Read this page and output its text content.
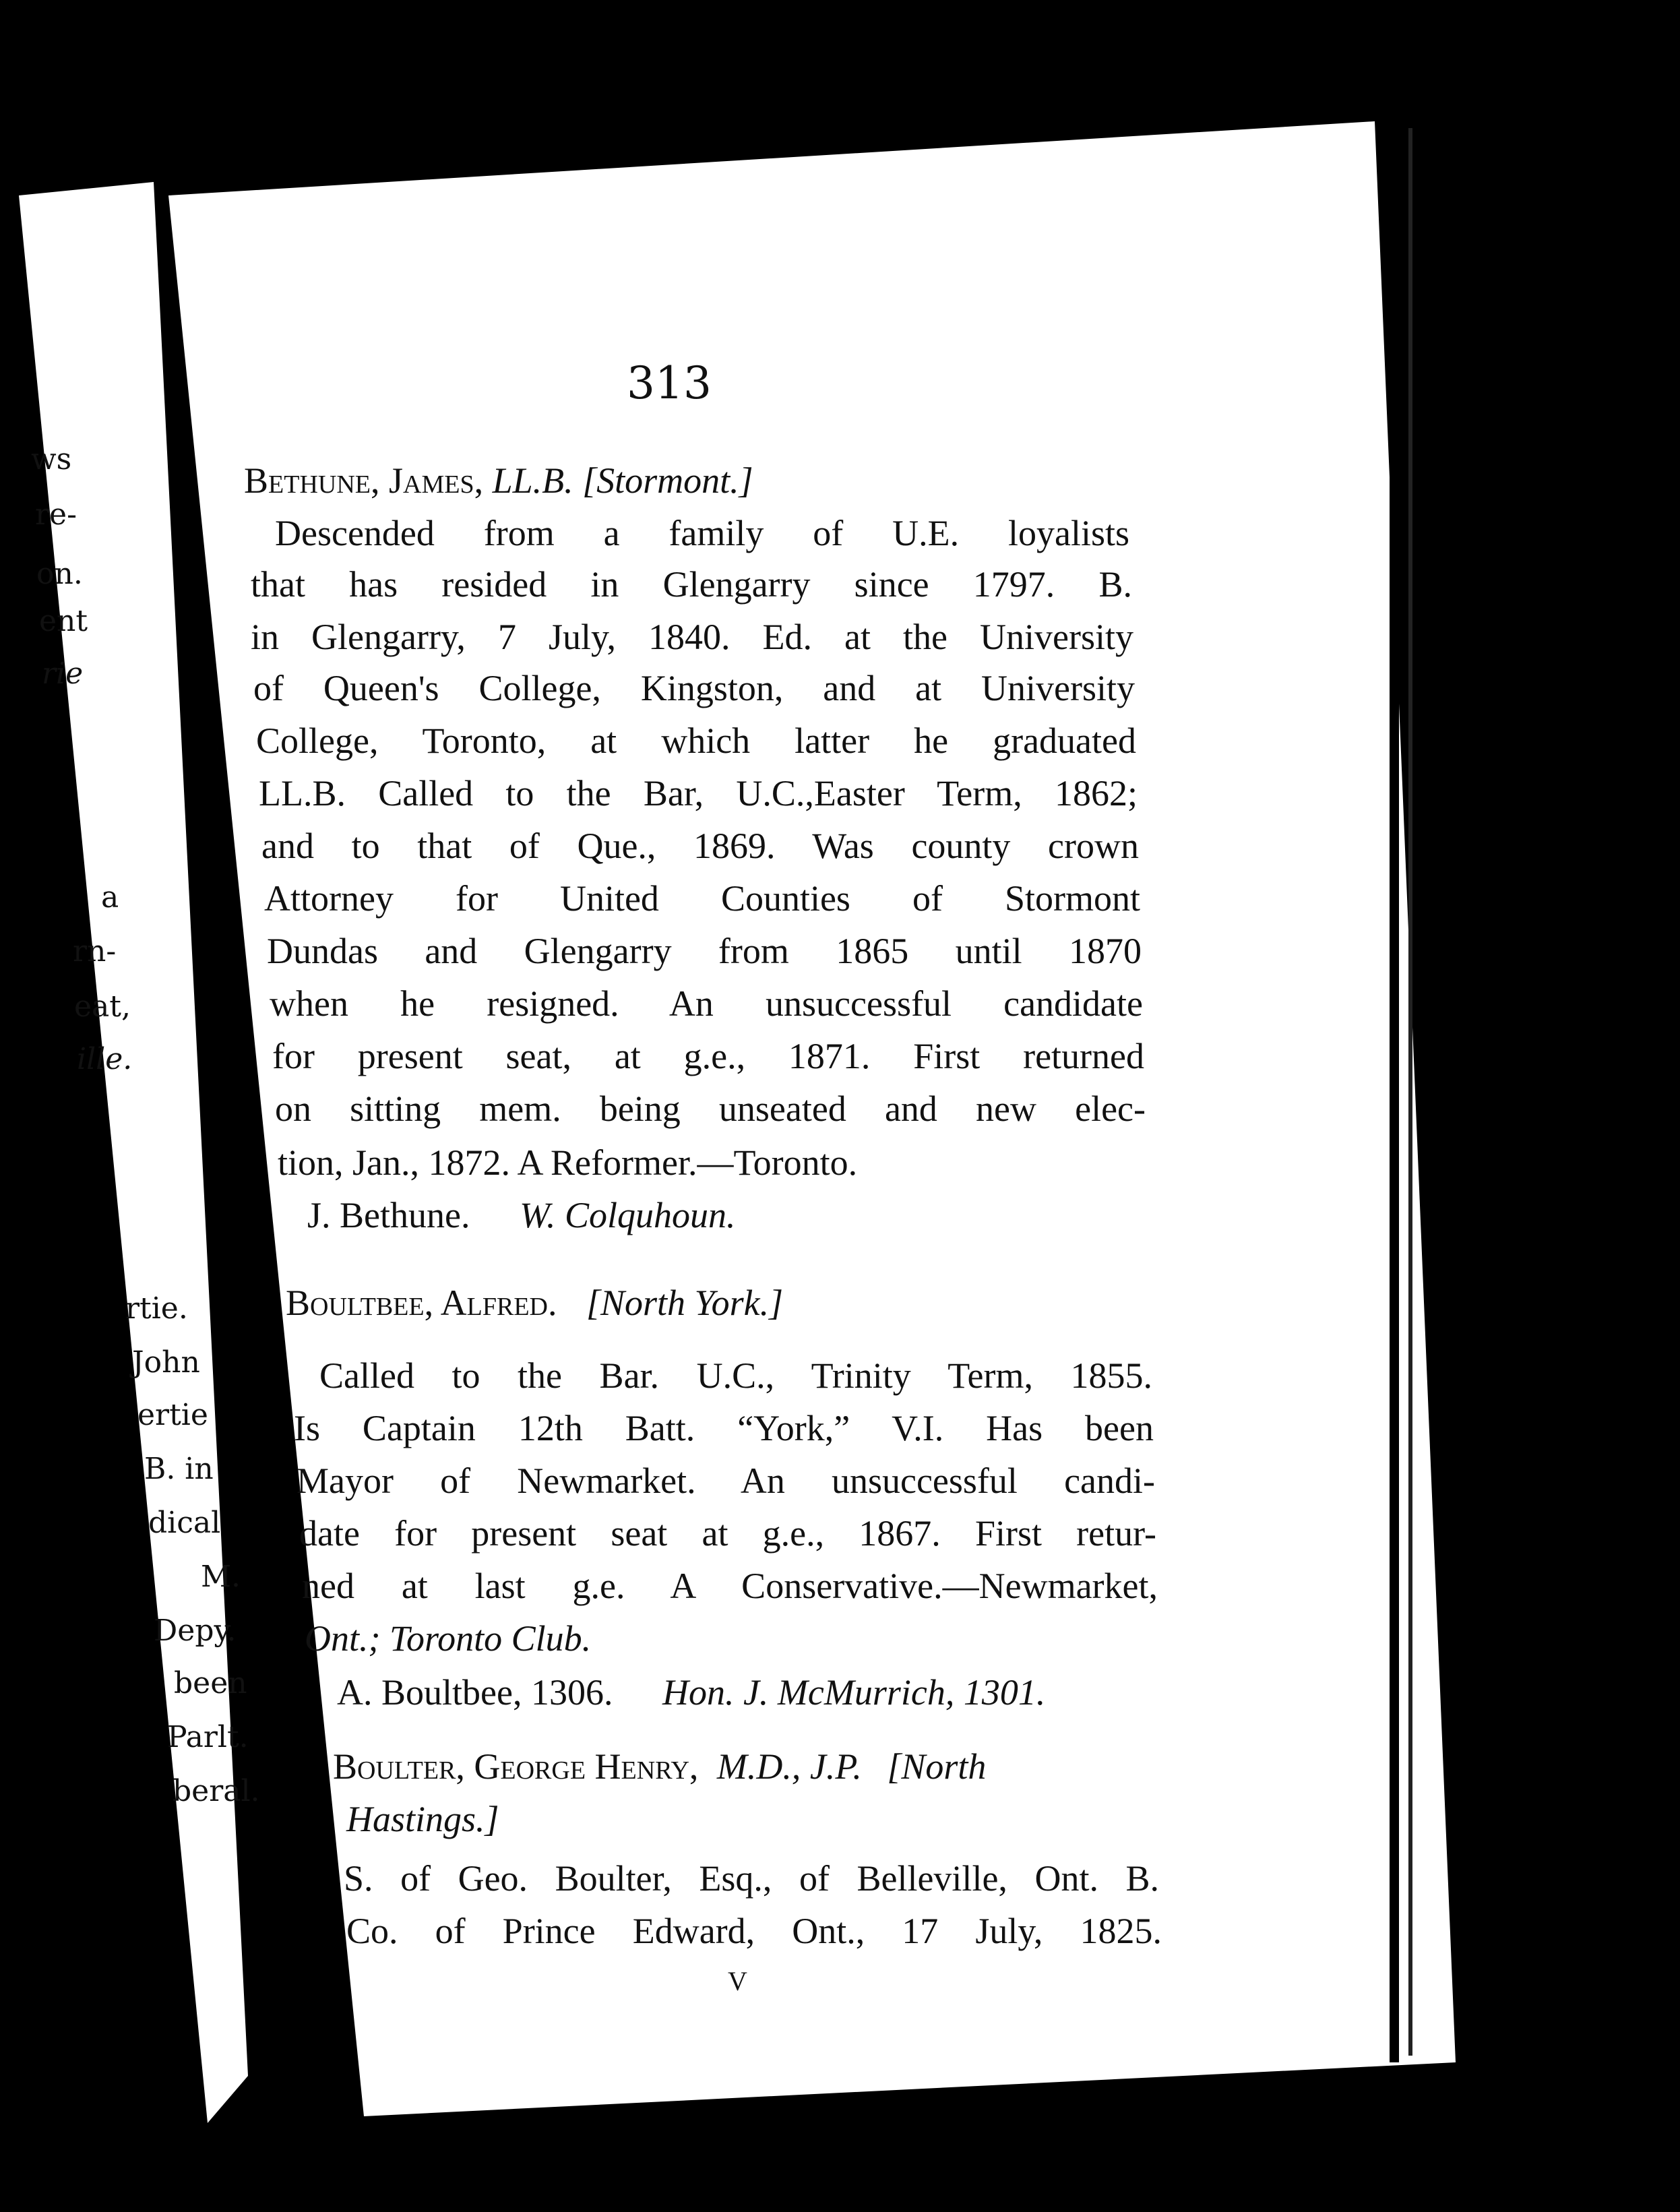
ws
re-
on.
ent
rie
a
rn-
eat,
ille.
rtie.
John
ertie
B. in
dical
M.
Depy.
been
Parlt.
beral.
313
Bethune, James, LL.B. [Stormont.]
Descended from a family of U.E. loyalists
that has resided in Glengarry since 1797. B.
in Glengarry, 7 July, 1840. Ed. at the University
of Queen's College, Kingston, and at University
College, Toronto, at which latter he graduated
LL.B. Called to the Bar, U.C.,Easter Term, 1862;
and to that of Que., 1869. Was county crown
Attorney for United Counties of Stormont
Dundas and Glengarry from 1865 until 1870
when he resigned. An unsuccessful candidate
for present seat, at g.e., 1871. First returned
on sitting mem. being unseated and new elec-
tion, Jan., 1872. A Reformer.—Toronto.
J. Bethune. W. Colquhoun.
Boultbee, Alfred. [North York.]
Called to the Bar. U.C., Trinity Term, 1855.
Is Captain 12th Batt. “York,” V.I. Has been
Mayor of Newmarket. An unsuccessful candi-
date for present seat at g.e., 1867. First retur-
ned at last g.e. A Conservative.—Newmarket,
Ont.; Toronto Club.
A. Boultbee, 1306. Hon. J. McMurrich, 1301.
Boulter, George Henry, M.D., J.P. [North
Hastings.]
S. of Geo. Boulter, Esq., of Belleville, Ont. B.
Co. of Prince Edward, Ont., 17 July, 1825.
V
